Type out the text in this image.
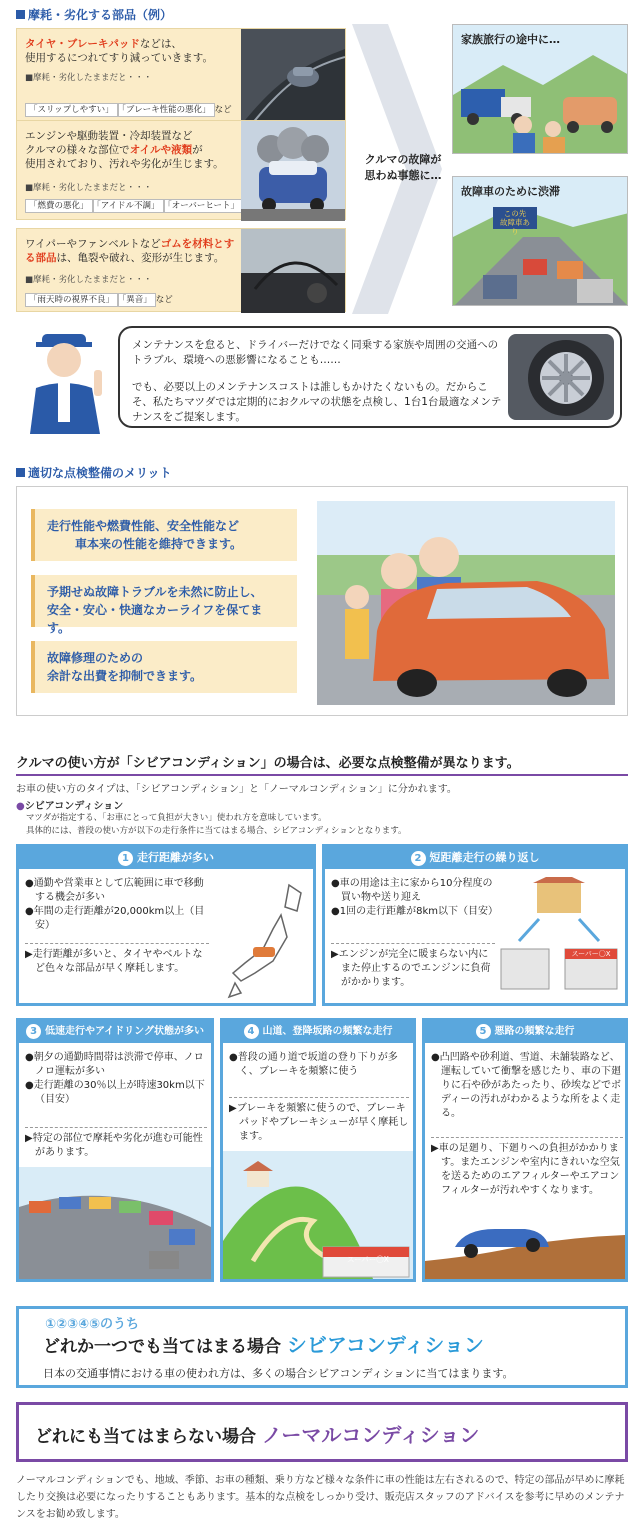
摩耗・劣化する部品（例）
タイヤ・ブレーキパッドなどは、
使用するにつれてすり減っていきます。
■摩耗・劣化したままだと・・・
「スリップしやすい」 「ブレーキ性能の悪化」 など
エンジンや駆動装置・冷却装置など
クルマの様々な部位でオイルや液類が
使用されており、汚れや劣化が生じます。
■摩耗・劣化したままだと・・・
「燃費の悪化」 「アイドル不調」 「オーバーヒート」
ワイパーやファンベルトなどゴムを材料とする部品は、亀裂や破れ、変形が生じます。
■摩耗・劣化したままだと・・・
「雨天時の視界不良」 「異音」 など
クルマの故障が
思わぬ事態に…
家族旅行の途中に…
故障車のために渋滞
この先
故障車あり
メンテナンスを怠ると、ドライバーだけでなく同乗する家族や周囲の交通へのトラブル、環境への悪影響になることも……
でも、必要以上のメンテナンスコストは誰しもかけたくないもの。だからこそ、私たちマツダでは定期的におクルマの状態を点検し、1台1台最適なメンテナンスをご提案します。
適切な点検整備のメリット
走行性能や燃費性能、安全性能など
車本来の性能を維持できます。
予期せぬ故障トラブルを未然に防止し、
安全・安心・快適なカーライフを保てます。
故障修理のための
余計な出費を抑制できます。
クルマの使い方が「シビアコンディション」の場合は、必要な点検整備が異なります。
お車の使い方のタイプは、「シビアコンディション」と「ノーマルコンディション」に分かれます。
●シビアコンディション
マツダが指定する、「お車にとって負担が大きい」使われ方を意味しています。
具体的には、普段の使い方が以下の走行条件に当てはまる場合、シビアコンディションとなります。
1 走行距離が多い
●通勤や営業車として広範囲に車で移動する機会が多い
●年間の走行距離が20,000km以上（目安）
▶走行距離が多いと、タイヤやベルトなど色々な部品が早く摩耗します。
2 短距離走行の繰り返し
●車の用途は主に家から10分程度の買い物や送り迎え
●1回の走行距離が8km以下（目安）
▶エンジンが完全に暖まらない内にまた停止するのでエンジンに負荷がかかります。
スーパー〇X
3 低速走行やアイドリング状態が多い
●朝夕の通勤時間帯は渋滞で停車、ノロノロ運転が多い
●走行距離の30％以上が時速30km以下（目安）
▶特定の部位で摩耗や劣化が進む可能性があります。
4 山道、登降坂路の頻繁な走行
●普段の通り道で坂道の登り下りが多く、ブレーキを頻繁に使う
▶ブレーキを頻繁に使うので、ブレーキパッドやブレーキシューが早く摩耗します。
スーパー〇X
5 悪路の頻繁な走行
●凸凹路や砂利道、雪道、未舗装路など、運転していて衝撃を感じたり、車の下廻りに石や砂があたったり、砂埃などでボディーの汚れがわかるような所をよく走る。
▶車の足廻り、下廻りへの負担がかかります。またエンジンや室内にきれいな空気を送るためのエアフィルターやエアコンフィルターが汚れやすくなります。
①②③④⑤のうち
どれか一つでも当てはまる場合 シビアコンディション
日本の交通事情における車の使われ方は、多くの場合シビアコンディションに当てはまります。
どれにも当てはまらない場合 ノーマルコンディション
ノーマルコンディションでも、地域、季節、お車の種類、乗り方など様々な条件に車の性能は左右されるので、特定の部品が早めに摩耗したり交換は必要になったりすることもあります。基本的な点検をしっかり受け、販売店スタッフのアドバイスを参考に早めのメンテナンスをお勧め致します。
